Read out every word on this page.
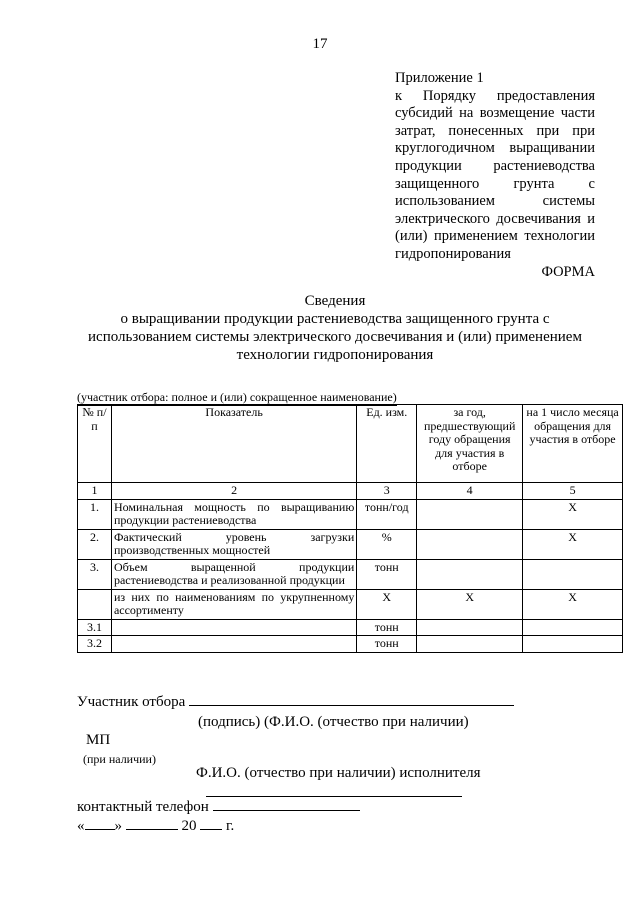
17
Приложение 1
к Порядку предоставления субсидий на возмещение части затрат, понесенных при при круглогодичном выращивании продукции растениеводства защищенного грунта с использованием системы электрического досвечивания и (или) применением технологии гидропонирования
ФОРМА
Сведения
о выращивании продукции растениеводства защищенного грунта с использованием системы электрического досвечивания и (или) применением технологии гидропонирования
(участник отбора: полное и (или) сокращенное наименование)
№ п/п	Показатель	Ед. изм.	за год, предшествующий году обращения для участия в отборе	на 1 число месяца обращения для участия в отборе
1	2	3	4	5
1.	Номинальная мощность по выращиванию продукции растениеводства	тонн/год		Х
2.	Фактический уровень загрузки производственных мощностей	%		Х
3.	Объем выращенной продукции растениеводства и реализованной продукции	тонн		
	из них по наименованиям по укрупненному ассортименту	Х	Х	Х
3.1		тонн		
3.2		тонн		
Участник отбора
(подпись) (Ф.И.О. (отчество при наличии)
МП
(при наличии)
Ф.И.О. (отчество при наличии) исполнителя
контактный телефон
« »	20 г.
